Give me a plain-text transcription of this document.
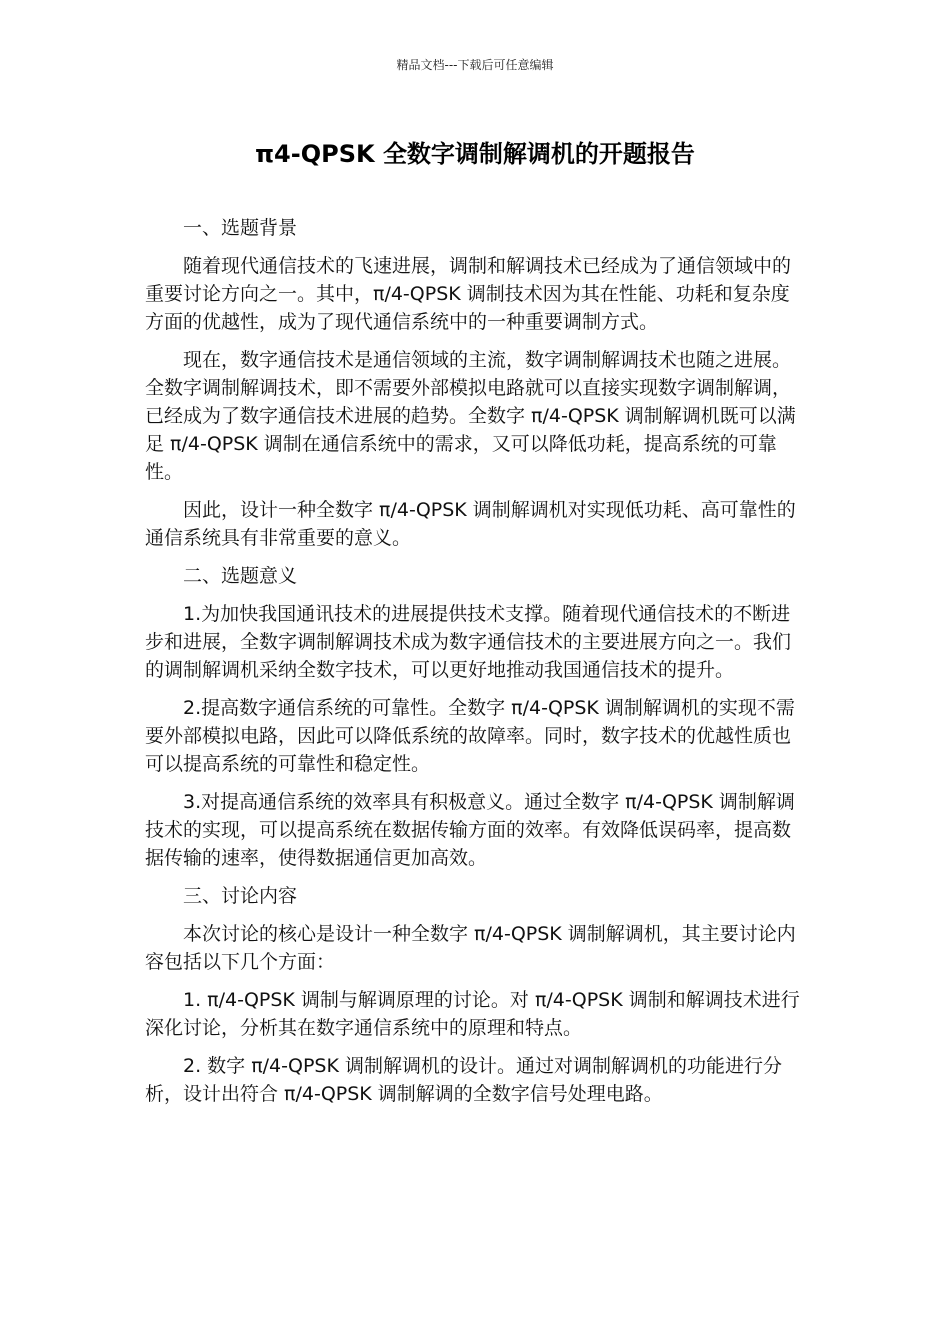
精品文档---下载后可任意编辑
π4-QPSK 全数字调制解调机的开题报告

一、选题背景

随着现代通信技术的飞速进展，调制和解调技术已经成为了通信领域中的重要讨论方向之一。其中，π/4-QPSK 调制技术因为其在性能、功耗和复杂度方面的优越性，成为了现代通信系统中的一种重要调制方式。

现在，数字通信技术是通信领域的主流，数字调制解调技术也随之进展。全数字调制解调技术，即不需要外部模拟电路就可以直接实现数字调制解调，已经成为了数字通信技术进展的趋势。全数字 π/4-QPSK 调制解调机既可以满足 π/4-QPSK 调制在通信系统中的需求，又可以降低功耗，提高系统的可靠性。

因此，设计一种全数字 π/4-QPSK 调制解调机对实现低功耗、高可靠性的通信系统具有非常重要的意义。

二、选题意义

1.为加快我国通讯技术的进展提供技术支撑。随着现代通信技术的不断进步和进展，全数字调制解调技术成为数字通信技术的主要进展方向之一。我们的调制解调机采纳全数字技术，可以更好地推动我国通信技术的提升。

2.提高数字通信系统的可靠性。全数字 π/4-QPSK 调制解调机的实现不需要外部模拟电路，因此可以降低系统的故障率。同时，数字技术的优越性质也可以提高系统的可靠性和稳定性。

3.对提高通信系统的效率具有积极意义。通过全数字 π/4-QPSK 调制解调技术的实现，可以提高系统在数据传输方面的效率。有效降低误码率，提高数据传输的速率，使得数据通信更加高效。

三、讨论内容

本次讨论的核心是设计一种全数字 π/4-QPSK 调制解调机，其主要讨论内容包括以下几个方面：

1. π/4-QPSK 调制与解调原理的讨论。对 π/4-QPSK 调制和解调技术进行深化讨论，分析其在数字通信系统中的原理和特点。

2. 数字 π/4-QPSK 调制解调机的设计。通过对调制解调机的功能进行分析，设计出符合 π/4-QPSK 调制解调的全数字信号处理电路。
